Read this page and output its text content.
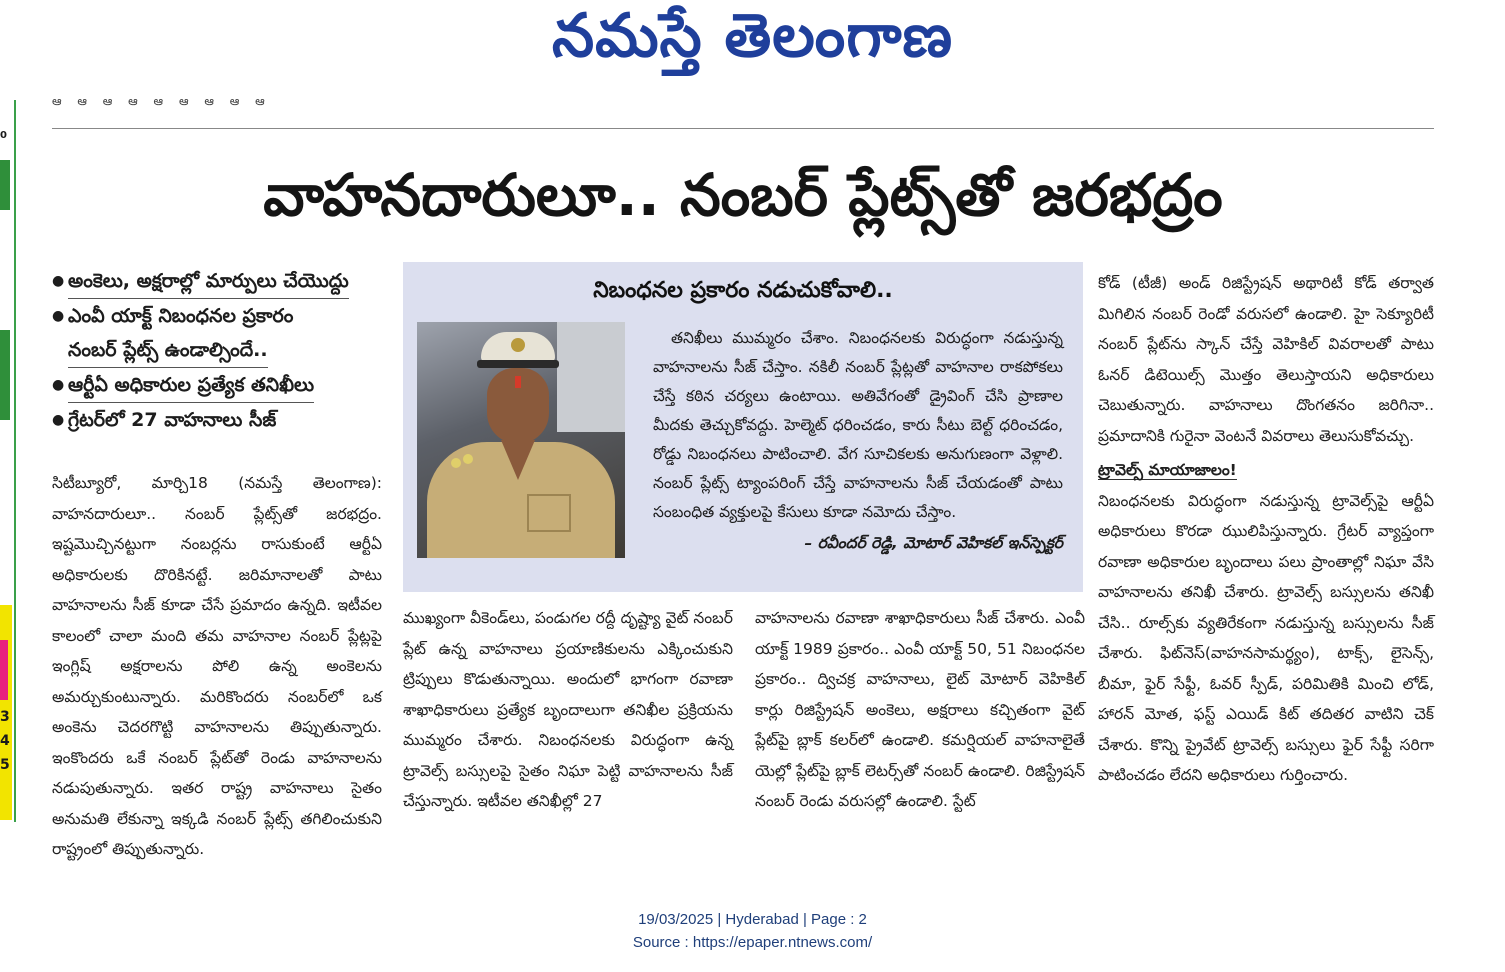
నమస్తే తెలంగాణ
0
3
4
5
ఆ ఆ ఆ ఆ ఆ ఆ ఆ ఆ ఆ
వాహనదారులూ.. నంబర్ ప్లేట్స్‌తో జరభద్రం
● అంకెలు, అక్షరాల్లో మార్పులు చేయొద్దు
● ఎంవీ యాక్ట్ నిబంధనల ప్రకారం
నంబర్ ప్లేట్స్ ఉండాల్సిందే..
● ఆర్టీఏ అధికారుల ప్రత్యేక తనిఖీలు
● గ్రేటర్‌లో 27 వాహనాలు సీజ్

సిటీబ్యూరో, మార్చి18 (నమస్తే తెలంగాణ): వాహనదారులూ.. నంబర్ ప్లేట్స్‌తో జరభద్రం. ఇష్టమొచ్చినట్టుగా నంబర్లను రాసుకుంటే ఆర్టీఏ అధికారులకు దొరికినట్టే. జరిమానాలతో పాటు వాహనాలను సీజ్ కూడా చేసే ప్రమాదం ఉన్నది. ఇటీవల కాలంలో చాలా మంది తమ వాహనాల నంబర్ ప్లేట్లపై ఇంగ్లిష్ అక్షరాలను పోలి ఉన్న అంకెలను అమర్చుకుంటున్నారు. మరికొందరు నంబర్‌లో ఒక అంకెను చెదరగొట్టి వాహనాలను తిప్పుతున్నారు. ఇంకొందరు ఒకే నంబర్ ప్లేట్‌తో రెండు వాహనాలను నడుపుతున్నారు. ఇతర రాష్ట్ర వాహనాలు సైతం అనుమతి లేకున్నా ఇక్కడి నంబర్ ప్లేట్స్ తగిలించుకుని రాష్ట్రంలో తిప్పుతున్నారు.

నిబంధనల ప్రకారం నడుచుకోవాలి..

తనిఖీలు ముమ్మరం చేశాం. నిబంధనలకు విరుద్ధంగా నడుస్తున్న వాహనాలను సీజ్ చేస్తాం. నకిలీ నంబర్ ప్లేట్లతో వాహనాల రాకపోకలు చేస్తే కఠిన చర్యలు ఉంటాయి. అతివేగంతో డ్రైవింగ్ చేసి ప్రాణాల మీదకు తెచ్చుకోవద్దు. హెల్మెట్ ధరించడం, కారు సీటు బెల్ట్ ధరించడం, రోడ్డు నిబంధనలు పాటించాలి. వేగ సూచికలకు అనుగుణంగా వెళ్లాలి. నంబర్ ప్లేట్స్ ట్యాంపరింగ్ చేస్తే వాహనాలను సీజ్ చేయడంతో పాటు సంబంధిత వ్యక్తులపై కేసులు కూడా నమోదు చేస్తాం.

– రవీందర్ రెడ్డి, మోటార్ వెహికల్ ఇన్‌స్పెక్టర్

ముఖ్యంగా వీకెండ్‌లు, పండుగల రద్దీ దృష్ట్యా వైట్ నంబర్ ప్లేట్ ఉన్న వాహనాలు ప్రయాణికులను ఎక్కించుకుని ట్రిప్పులు కొడుతున్నాయి. అందులో భాగంగా రవాణా శాఖాధికారులు ప్రత్యేక బృందాలుగా తనిఖీల ప్రక్రియను ముమ్మరం చేశారు. నిబంధనలకు విరుద్ధంగా ఉన్న ట్రావెల్స్ బస్సులపై సైతం నిఘా పెట్టి వాహనాలను సీజ్ చేస్తున్నారు. ఇటీవల తనిఖీల్లో 27

వాహనాలను రవాణా శాఖాధికారులు సీజ్ చేశారు. ఎంవీ యాక్ట్ 1989 ప్రకారం.. ఎంవీ యాక్ట్ 50, 51 నిబంధనల ప్రకారం.. ద్విచక్ర వాహనాలు, లైట్ మోటార్ వెహికిల్ కార్లు రిజిస్ట్రేషన్ అంకెలు, అక్షరాలు కచ్చితంగా వైట్ ప్లేట్‌పై బ్లాక్ కలర్‌లో ఉండాలి. కమర్షియల్ వాహనాలైతే యెల్లో ప్లేట్‌పై బ్లాక్ లెటర్స్‌తో నంబర్ ఉండాలి. రిజిస్ట్రేషన్ నంబర్ రెండు వరుసల్లో ఉండాలి. స్టేట్

కోడ్ (టీజీ) అండ్ రిజిస్ట్రేషన్ అథారిటీ కోడ్ తర్వాత మిగిలిన నంబర్ రెండో వరుసలో ఉండాలి. హై సెక్యూరిటీ నంబర్ ప్లేట్‌ను స్కాన్ చేస్తే వెహికిల్ వివరాలతో పాటు ఓనర్ డిటెయిల్స్ మొత్తం తెలుస్తాయని అధికారులు చెబుతున్నారు. వాహనాలు దొంగతనం జరిగినా.. ప్రమాదానికి గురైనా వెంటనే వివరాలు తెలుసుకోవచ్చు.

ట్రావెల్స్ మాయాజాలం!

నిబంధనలకు విరుద్ధంగా నడుస్తున్న ట్రావెల్స్‌పై ఆర్టీఏ అధికారులు కొరడా ఝులిపిస్తున్నారు. గ్రేటర్ వ్యాప్తంగా రవాణా అధికారుల బృందాలు పలు ప్రాంతాల్లో నిఘా వేసి వాహనాలను తనిఖీ చేశారు. ట్రావెల్స్ బస్సులను తనిఖీ చేసి.. రూల్స్‌కు వ్యతిరేకంగా నడుస్తున్న బస్సులను సీజ్ చేశారు. ఫిట్‌నెస్(వాహనసామర్థ్యం), టాక్స్, లైసెన్స్, బీమా, ఫైర్ సేఫ్టీ, ఓవర్ స్పీడ్, పరిమితికి మించి లోడ్, హారన్ మోత, ఫస్ట్ ఎయిడ్ కిట్ తదితర వాటిని చెక్ చేశారు. కొన్ని ప్రైవేట్ ట్రావెల్స్ బస్సులు ఫైర్ సేఫ్టీ సరిగా పాటించడం లేదని అధికారులు గుర్తించారు.

19/03/2025 | Hyderabad | Page : 2
Source : https://epaper.ntnews.com/
